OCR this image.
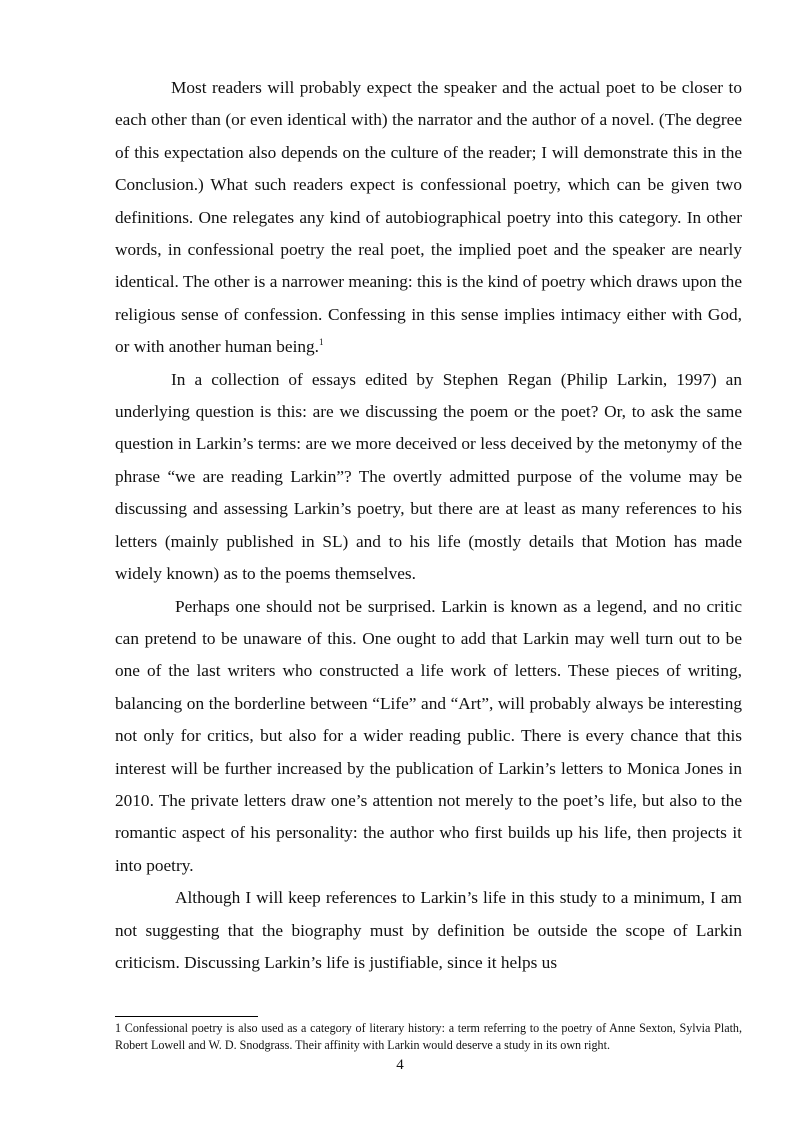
Most readers will probably expect the speaker and the actual poet to be closer to each other than (or even identical with) the narrator and the author of a novel. (The degree of this expectation also depends on the culture of the reader; I will demonstrate this in the Conclusion.) What such readers expect is confessional poetry, which can be given two definitions. One relegates any kind of autobiographical poetry into this category. In other words, in confessional poetry the real poet, the implied poet and the speaker are nearly identical. The other is a narrower meaning: this is the kind of poetry which draws upon the religious sense of confession. Confessing in this sense implies intimacy either with God, or with another human being.$^1$

In a collection of essays edited by Stephen Regan (Philip Larkin, 1997) an underlying question is this: are we discussing the poem or the poet? Or, to ask the same question in Larkin’s terms: are we more deceived or less deceived by the metonymy of the phrase “we are reading Larkin”? The overtly admitted purpose of the volume may be discussing and assessing Larkin’s poetry, but there are at least as many references to his letters (mainly published in SL) and to his life (mostly details that Motion has made widely known) as to the poems themselves.

Perhaps one should not be surprised. Larkin is known as a legend, and no critic can pretend to be unaware of this. One ought to add that Larkin may well turn out to be one of the last writers who constructed a life work of letters. These pieces of writing, balancing on the borderline between “Life” and “Art”, will probably always be interesting not only for critics, but also for a wider reading public. There is every chance that this interest will be further increased by the publication of Larkin’s letters to Monica Jones in 2010. The private letters draw one’s attention not merely to the poet’s life, but also to the romantic aspect of his personality: the author who first builds up his life, then projects it into poetry.

Although I will keep references to Larkin’s life in this study to a minimum, I am not suggesting that the biography must by definition be outside the scope of Larkin criticism. Discussing Larkin’s life is justifiable, since it helps us

1 Confessional poetry is also used as a category of literary history: a term referring to the poetry of Anne Sexton, Sylvia Plath, Robert Lowell and W. D. Snodgrass. Their affinity with Larkin would deserve a study in its own right.

4
